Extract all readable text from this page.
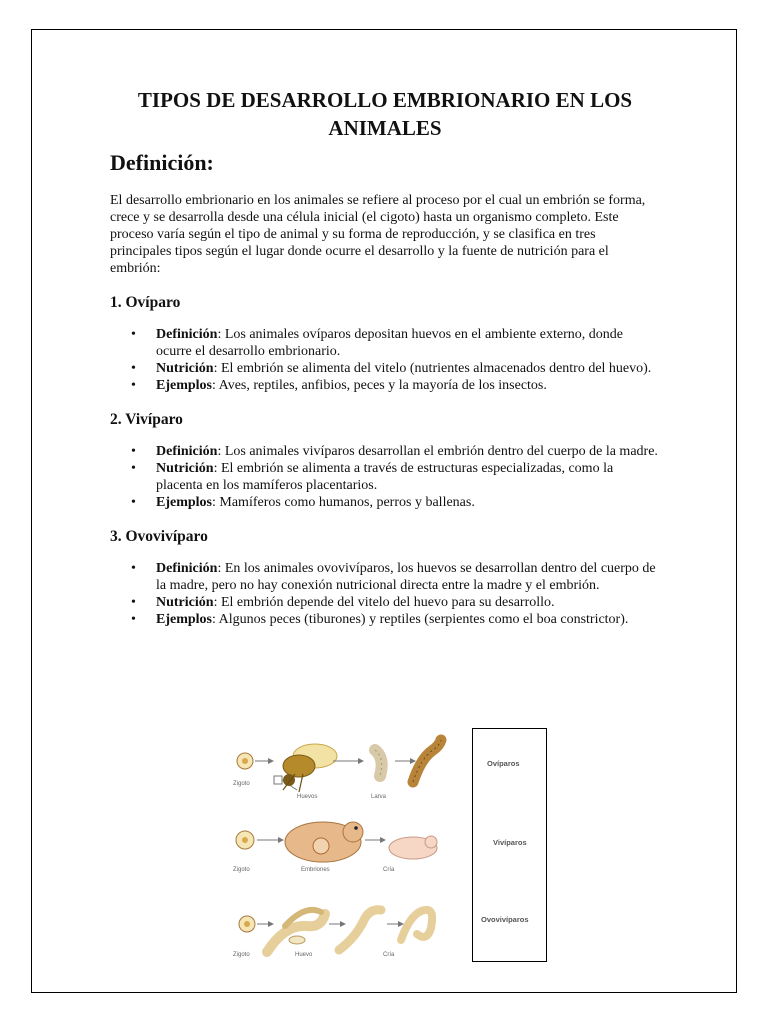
TIPOS DE DESARROLLO EMBRIONARIO EN LOS ANIMALES
Definición:

El desarrollo embrionario en los animales se refiere al proceso por el cual un embrión se forma, crece y se desarrolla desde una célula inicial (el cigoto) hasta un organismo completo. Este proceso varía según el tipo de animal y su forma de reproducción, y se clasifica en tres principales tipos según el lugar donde ocurre el desarrollo y la fuente de nutrición para el embrión:

1. Ovíparo
• Definición: Los animales ovíparos depositan huevos en el ambiente externo, donde ocurre el desarrollo embrionario.
• Nutrición: El embrión se alimenta del vitelo (nutrientes almacenados dentro del huevo).
• Ejemplos: Aves, reptiles, anfibios, peces y la mayoría de los insectos.
2. Vivíparo
• Definición: Los animales vivíparos desarrollan el embrión dentro del cuerpo de la madre.
• Nutrición: El embrión se alimenta a través de estructuras especializadas, como la placenta en los mamíferos placentarios.
• Ejemplos: Mamíferos como humanos, perros y ballenas.
3. Ovovivíparo
• Definición: En los animales ovovivíparos, los huevos se desarrollan dentro del cuerpo de la madre, pero no hay conexión nutricional directa entre la madre y el embrión.
• Nutrición: El embrión depende del vitelo del huevo para su desarrollo.
• Ejemplos: Algunos peces (tiburones) y reptiles (serpientes como el boa constrictor).
Zigoto
Huevos	Larva
Zigoto	Embriones	Cría
Zigoto	Huevo	Cría
Ovíparos
Vivíparos
Ovovivíparos
